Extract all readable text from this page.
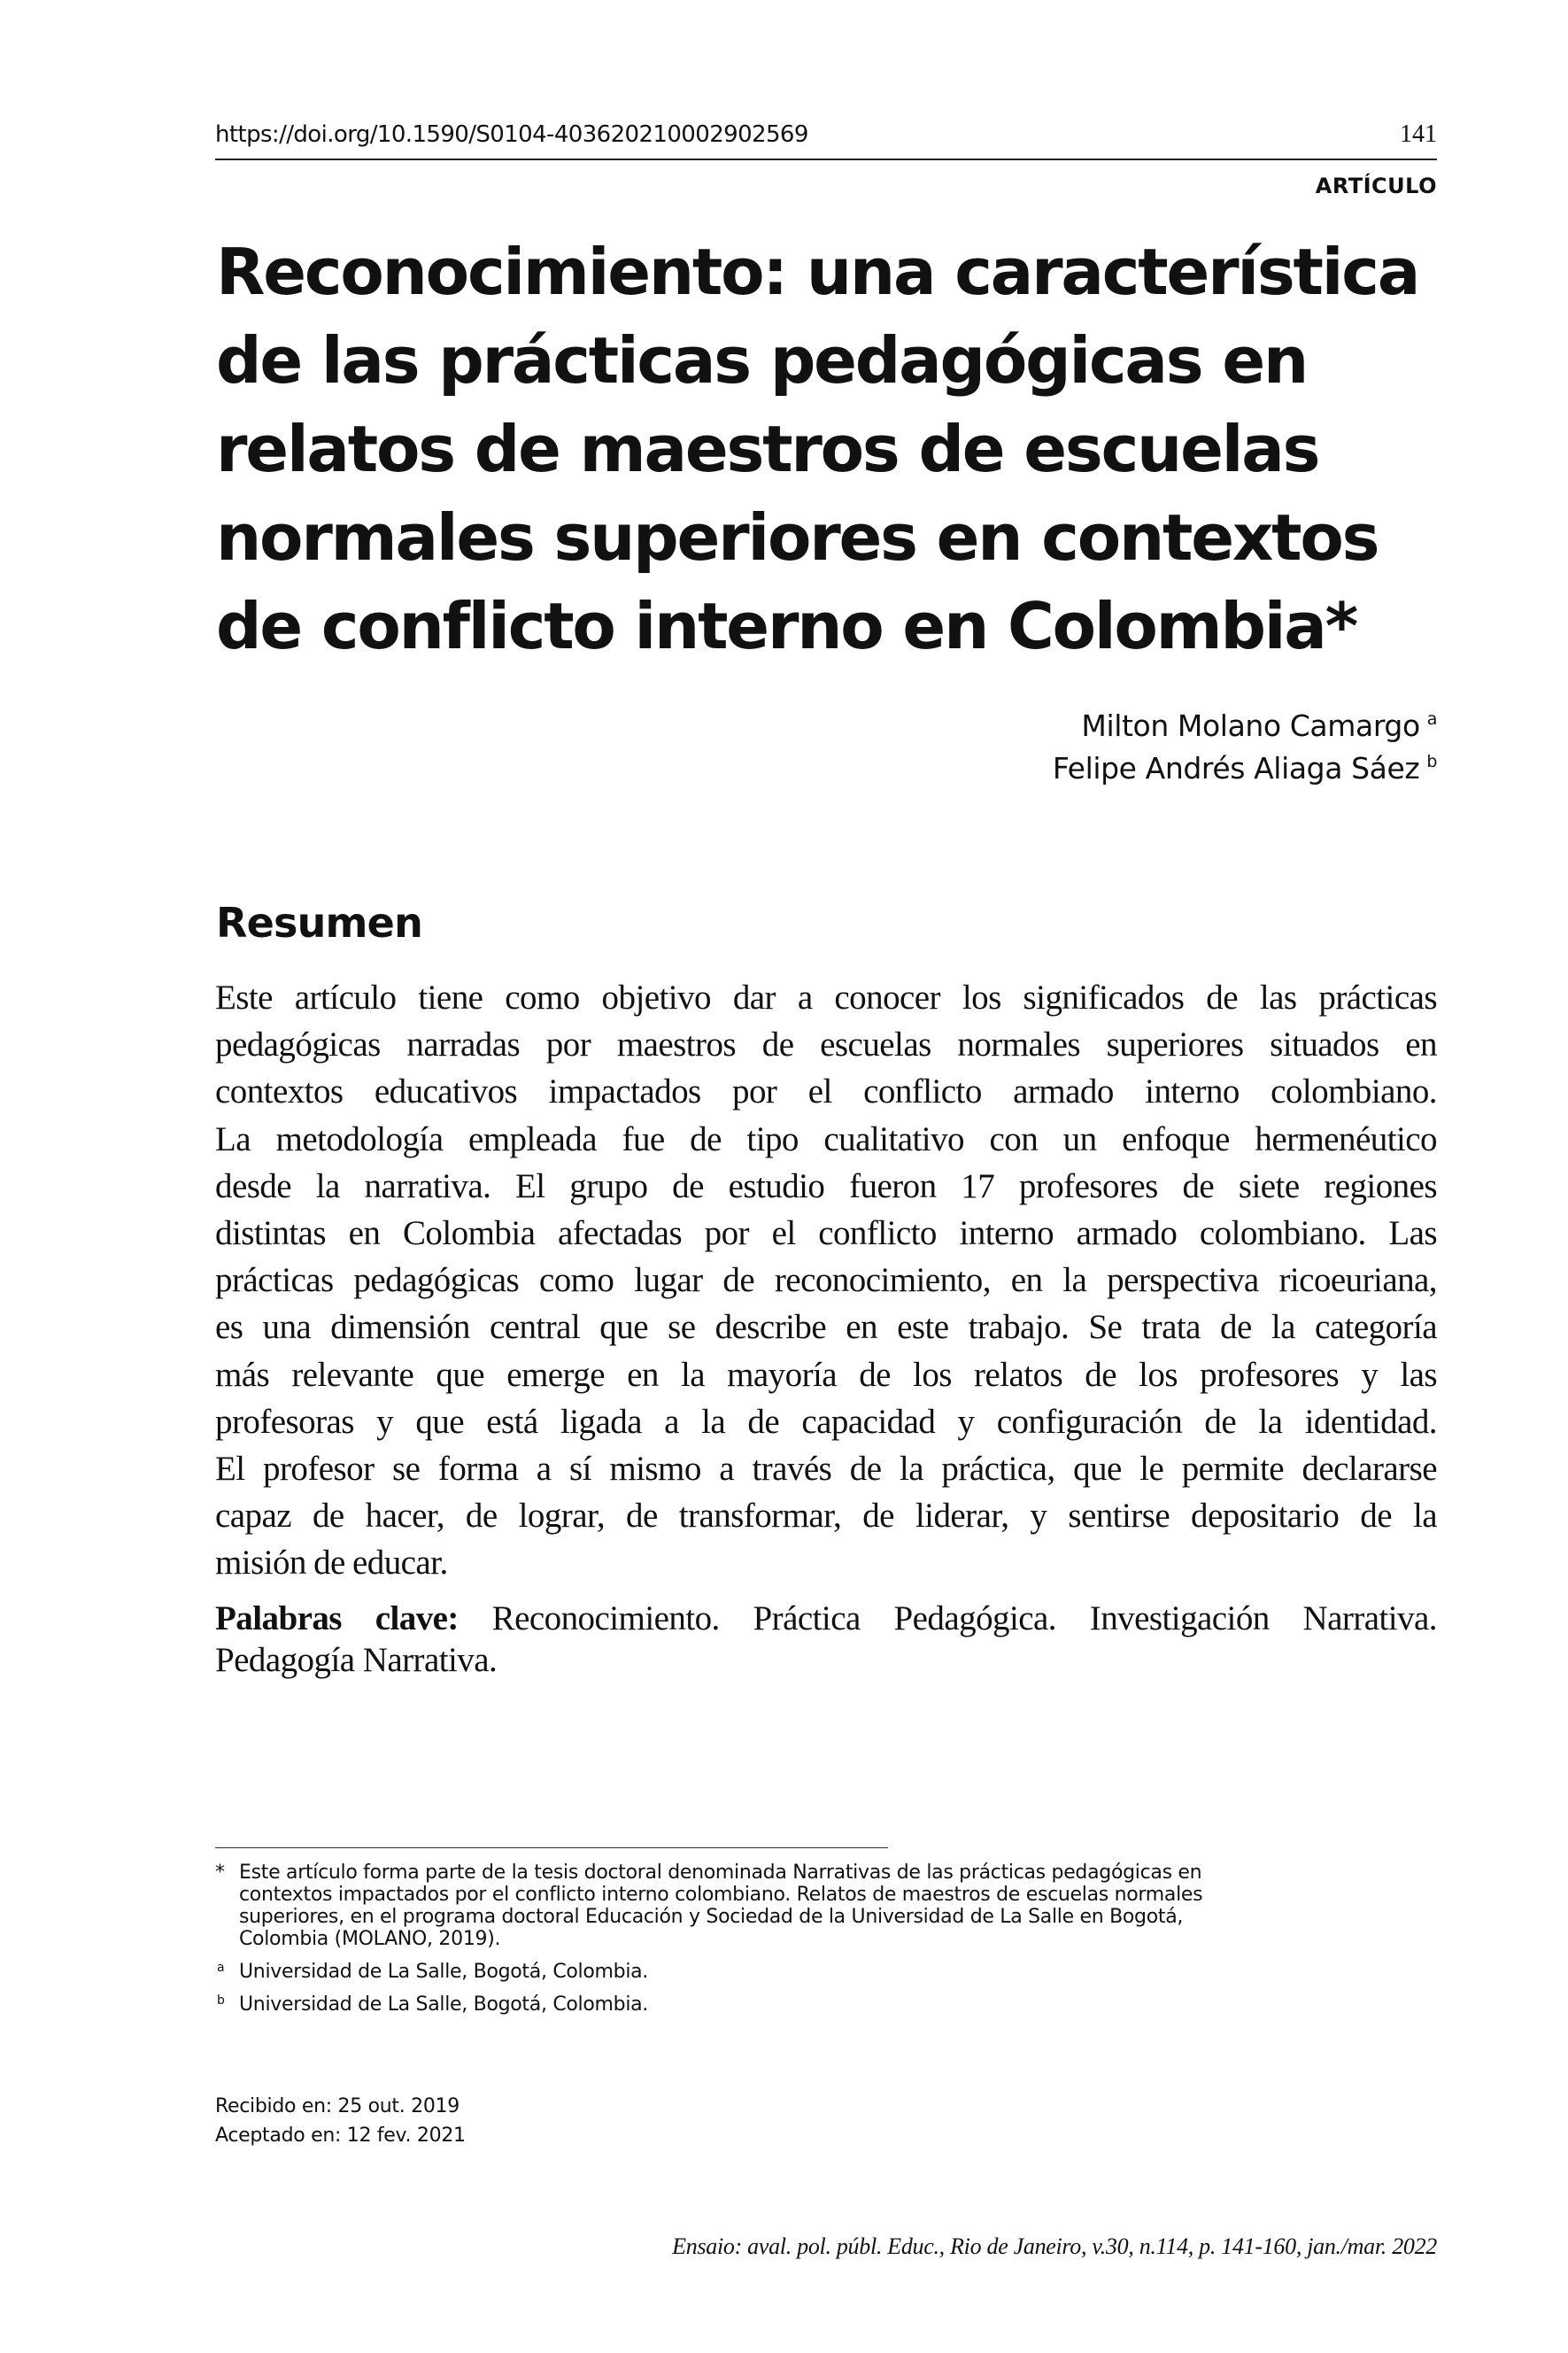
https://doi.org/10.1590/S0104-403620210002902569	141
ARTÍCULO
Reconocimiento: una característica
de las prácticas pedagógicas en
relatos de maestros de escuelas
normales superiores en contextos
de conflicto interno en Colombia*
Milton Molano Camargo $^a$
Felipe Andrés Aliaga Sáez $^b$
Resumen
Este artículo tiene como objetivo dar a conocer los significados de las prácticas
pedagógicas narradas por maestros de escuelas normales superiores situados en
contextos educativos impactados por el conflicto armado interno colombiano.
La metodología empleada fue de tipo cualitativo con un enfoque hermenéutico
desde la narrativa. El grupo de estudio fueron 17 profesores de siete regiones
distintas en Colombia afectadas por el conflicto interno armado colombiano. Las
prácticas pedagógicas como lugar de reconocimiento, en la perspectiva ricoeuriana,
es una dimensión central que se describe en este trabajo. Se trata de la categoría
más relevante que emerge en la mayoría de los relatos de los profesores y las
profesoras y que está ligada a la de capacidad y configuración de la identidad.
El profesor se forma a sí mismo a través de la práctica, que le permite declararse
capaz de hacer, de lograr, de transformar, de liderar, y sentirse depositario de la
misión de educar.
Palabras clave: Reconocimiento. Práctica Pedagógica. Investigación Narrativa.
Pedagogía Narrativa.
* Este artículo forma parte de la tesis doctoral denominada Narrativas de las prácticas pedagógicas en
contextos impactados por el conflicto interno colombiano. Relatos de maestros de escuelas normales
superiores, en el programa doctoral Educación y Sociedad de la Universidad de La Salle en Bogotá,
Colombia (MOLANO, 2019).
a Universidad de La Salle, Bogotá, Colombia.
b Universidad de La Salle, Bogotá, Colombia.
Recibido en: 25 out. 2019
Aceptado en: 12 fev. 2021
Ensaio: aval. pol. públ. Educ., Rio de Janeiro, v.30, n.114, p. 141-160, jan./mar. 2022
